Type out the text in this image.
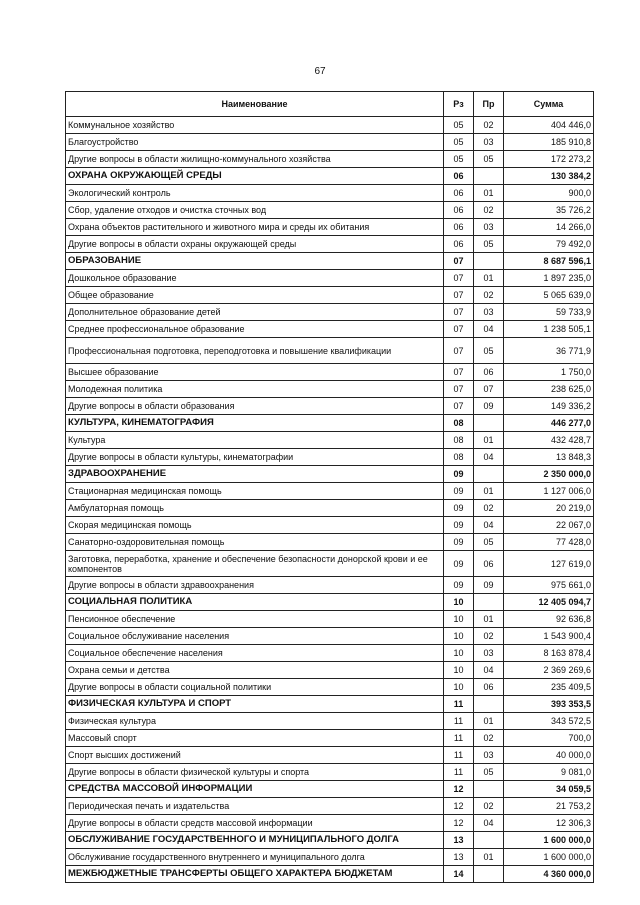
67
Наименование	Рз	Пр	Сумма
Коммунальное хозяйство	05	02	404 446,0
Благоустройство	05	03	185 910,8
Другие вопросы в области жилищно-коммунального хозяйства	05	05	172 273,2
ОХРАНА ОКРУЖАЮЩЕЙ СРЕДЫ	06		130 384,2
Экологический контроль	06	01	900,0
Сбор, удаление отходов и очистка сточных вод	06	02	35 726,2
Охрана объектов растительного и животного мира и среды их обитания	06	03	14 266,0
Другие вопросы в области охраны окружающей среды	06	05	79 492,0
ОБРАЗОВАНИЕ	07		8 687 596,1
Дошкольное образование	07	01	1 897 235,0
Общее образование	07	02	5 065 639,0
Дополнительное образование детей	07	03	59 733,9
Среднее профессиональное образование	07	04	1 238 505,1
Профессиональная подготовка, переподготовка и повышение квалификации	07	05	36 771,9
Высшее образование	07	06	1 750,0
Молодежная политика	07	07	238 625,0
Другие вопросы в области образования	07	09	149 336,2
КУЛЬТУРА, КИНЕМАТОГРАФИЯ	08		446 277,0
Культура	08	01	432 428,7
Другие вопросы в области культуры, кинематографии	08	04	13 848,3
ЗДРАВООХРАНЕНИЕ	09		2 350 000,0
Стационарная медицинская помощь	09	01	1 127 006,0
Амбулаторная помощь	09	02	20 219,0
Скорая медицинская помощь	09	04	22 067,0
Санаторно-оздоровительная помощь	09	05	77 428,0
Заготовка, переработка, хранение и обеспечение безопасности донорской крови и ее компонентов	09	06	127 619,0
Другие вопросы в области здравоохранения	09	09	975 661,0
СОЦИАЛЬНАЯ ПОЛИТИКА	10		12 405 094,7
Пенсионное обеспечение	10	01	92 636,8
Социальное обслуживание населения	10	02	1 543 900,4
Социальное обеспечение населения	10	03	8 163 878,4
Охрана семьи и детства	10	04	2 369 269,6
Другие вопросы в области социальной политики	10	06	235 409,5
ФИЗИЧЕСКАЯ КУЛЬТУРА И СПОРТ	11		393 353,5
Физическая культура	11	01	343 572,5
Массовый спорт	11	02	700,0
Спорт высших достижений	11	03	40 000,0
Другие вопросы в области физической культуры и спорта	11	05	9 081,0
СРЕДСТВА МАССОВОЙ ИНФОРМАЦИИ	12		34 059,5
Периодическая печать и издательства	12	02	21 753,2
Другие вопросы в области средств массовой информации	12	04	12 306,3
ОБСЛУЖИВАНИЕ ГОСУДАРСТВЕННОГО И МУНИЦИПАЛЬНОГО ДОЛГА	13		1 600 000,0
Обслуживание государственного внутреннего и муниципального долга	13	01	1 600 000,0
МЕЖБЮДЖЕТНЫЕ ТРАНСФЕРТЫ ОБЩЕГО ХАРАКТЕРА БЮДЖЕТАМ	14		4 360 000,0
